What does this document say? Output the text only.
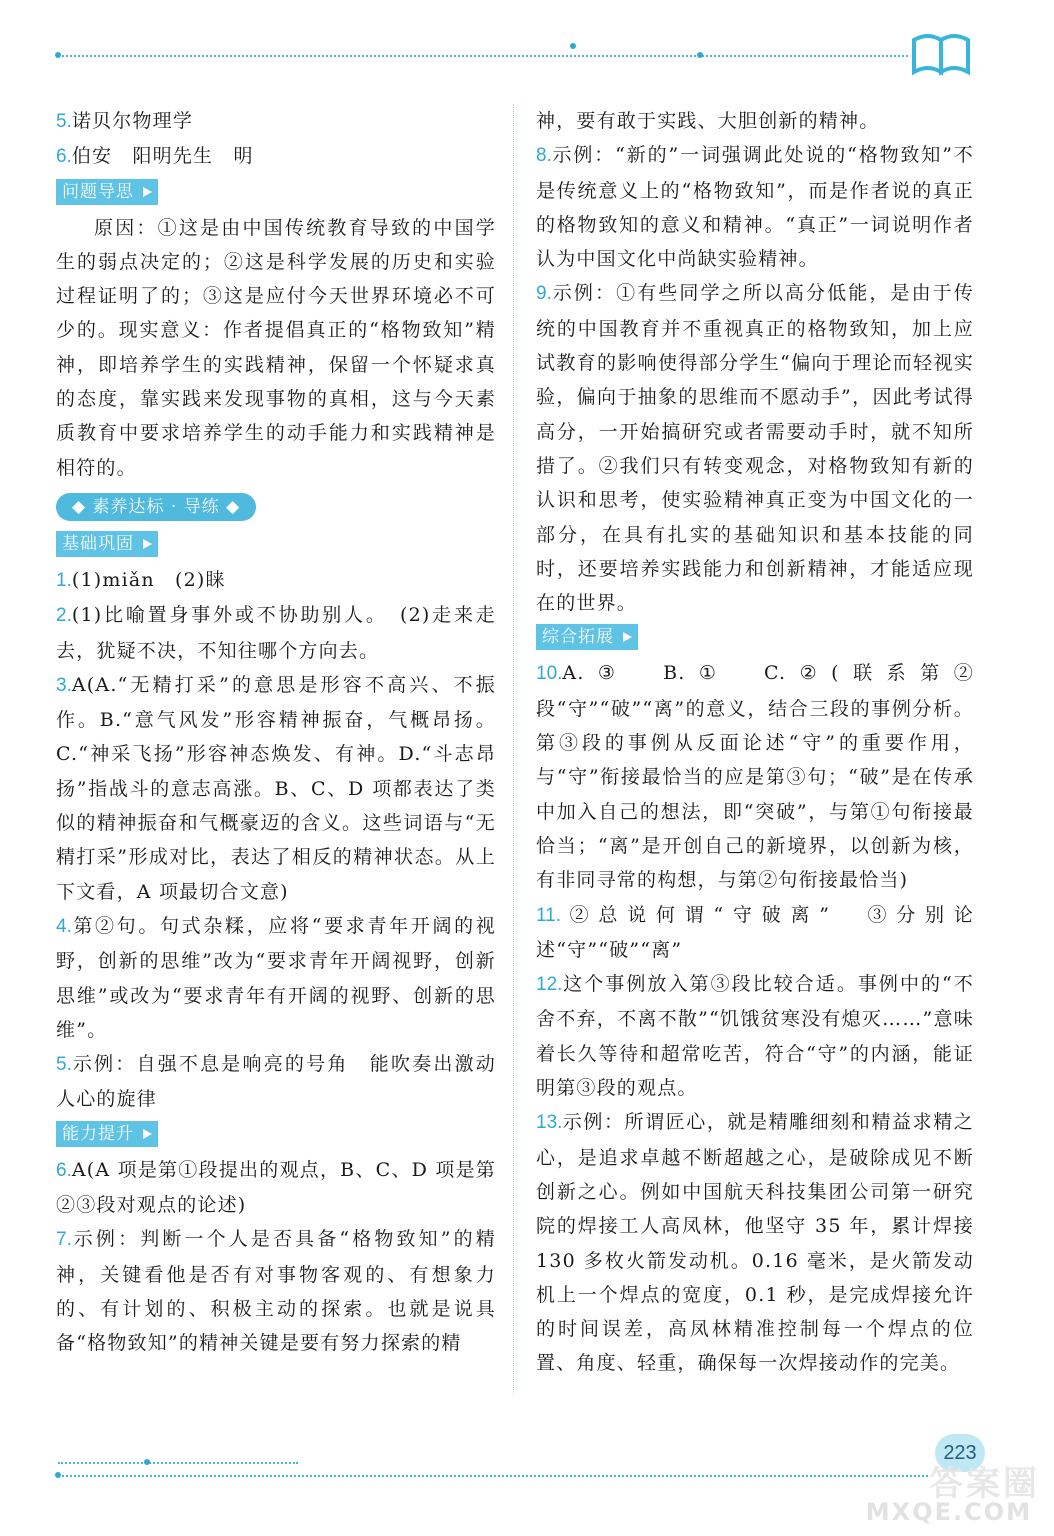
5.诺贝尔物理学

6.伯安　阳明先生　明

问题导思

原因：①这是由中国传统教育导致的中国学生的弱点决定的；②这是科学发展的历史和实验过程证明了的；③这是应付今天世界环境必不可少的。现实意义：作者提倡真正的“格物致知”精神，即培养学生的实践精神，保留一个怀疑求真的态度，靠实践来发现事物的真相，这与今天素质教育中要求培养学生的动手能力和实践精神是相符的。

◆ 素养达标 · 导练 ◆
基础巩固

1.(1)miǎn　(2)睐

2.(1)比喻置身事外或不协助别人。　(2)走来走去，犹疑不决，不知往哪个方向去。

3.A(A.“无精打采”的意思是形容不高兴、不振作。B.“意气风发”形容精神振奋，气概昂扬。C.“神采飞扬”形容神态焕发、有神。D.“斗志昂扬”指战斗的意志高涨。B、C、D 项都表达了类似的精神振奋和气概豪迈的含义。这些词语与“无精打采”形成对比，表达了相反的精神状态。从上下文看，A 项最切合文意)

4.第②句。句式杂糅，应将“要求青年开阔的视野，创新的思维”改为“要求青年开阔视野，创新思维”或改为“要求青年有开阔的视野、创新的思维”。

5.示例：自强不息是响亮的号角　能吹奏出激动人心的旋律

能力提升

6.A(A 项是第①段提出的观点，B、C、D 项是第②③段对观点的论述)

7.示例：判断一个人是否具备“格物致知”的精神，关键看他是否有对事物客观的、有想象力的、有计划的、积极主动的探索。也就是说具备“格物致知”的精神关键是要有努力探索的精

神，要有敢于实践、大胆创新的精神。

8.示例：“新的”一词强调此处说的“格物致知”不是传统意义上的“格物致知”，而是作者说的真正的格物致知的意义和精神。“真正”一词说明作者认为中国文化中尚缺实验精神。

9.示例：①有些同学之所以高分低能，是由于传统的中国教育并不重视真正的格物致知，加上应试教育的影响使得部分学生“偏向于理论而轻视实验，偏向于抽象的思维而不愿动手”，因此考试得高分，一开始搞研究或者需要动手时，就不知所措了。②我们只有转变观念，对格物致知有新的认识和思考，使实验精神真正变为中国文化的一部分，在具有扎实的基础知识和基本技能的同时，还要培养实践能力和创新精神，才能适应现在的世界。

综合拓展

10.A.③　B.①　C.②(联系第②段“守”“破”“离”的意义，结合三段的事例分析。第③段的事例从反面论述“守”的重要作用，与“守”衔接最恰当的应是第③句；“破”是在传承中加入自己的想法，即“突破”，与第①句衔接最恰当；“离”是开创自己的新境界，以创新为核，有非同寻常的构想，与第②句衔接最恰当)

11.②总说何谓“守破离”　③分别论述“守”“破”“离”

12.这个事例放入第③段比较合适。事例中的“不舍不弃，不离不散”“饥饿贫寒没有熄灭……”意味着长久等待和超常吃苦，符合“守”的内涵，能证明第③段的观点。

13.示例：所谓匠心，就是精雕细刻和精益求精之心，是追求卓越不断超越之心，是破除成见不断创新之心。例如中国航天科技集团公司第一研究院的焊接工人高凤林，他坚守 35 年，累计焊接 130 多枚火箭发动机。0.16 毫米，是火箭发动机上一个焊点的宽度，0.1 秒，是完成焊接允许的时间误差，高凤林精准控制每一个焊点的位置、角度、轻重，确保每一次焊接动作的完美。

223
答案圈
MXQE.COM
